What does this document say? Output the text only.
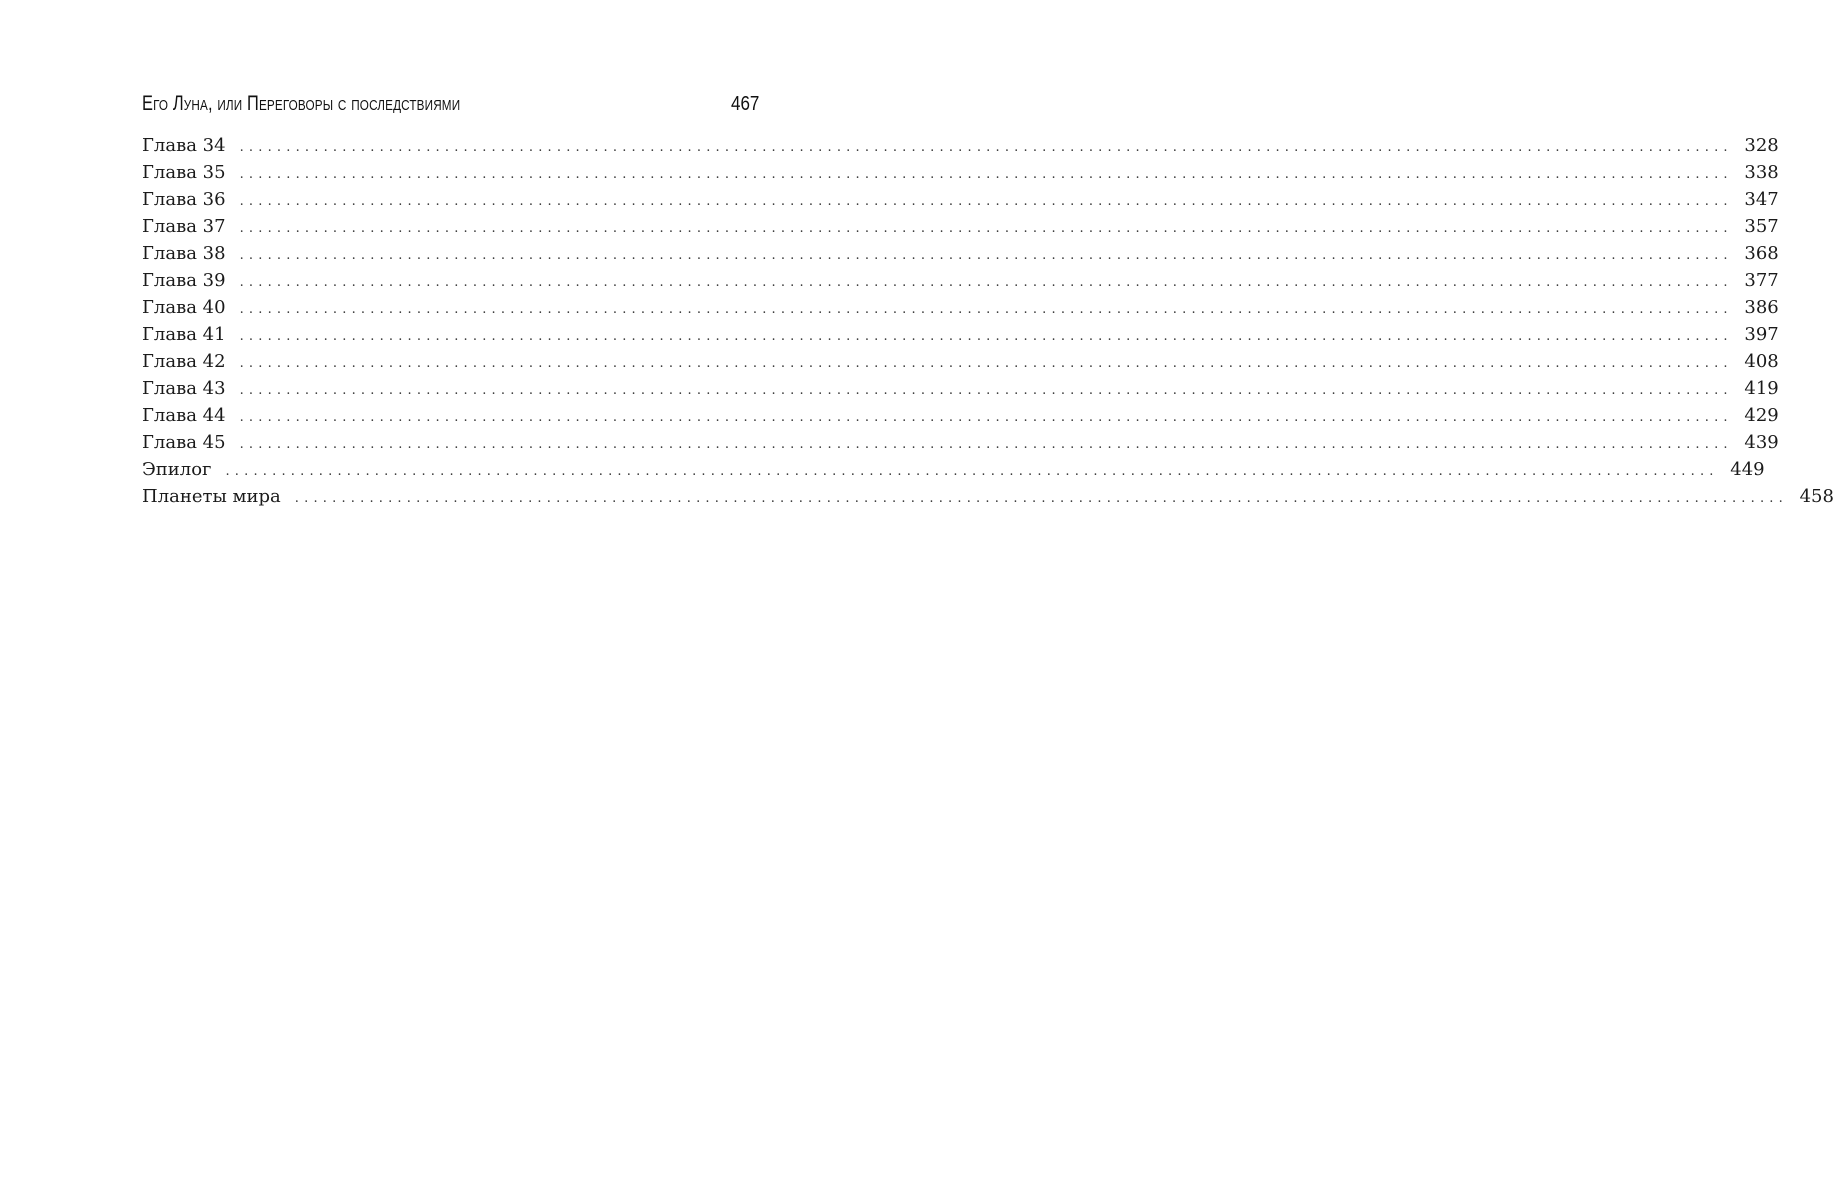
Его Луна, или Переговоры с последствиями	467
Глава 34 ................................................................................................................................................................ 328
Глава 35 ................................................................................................................................................................ 338
Глава 36 ................................................................................................................................................................ 347
Глава 37 ................................................................................................................................................................ 357
Глава 38 ................................................................................................................................................................ 368
Глава 39 ................................................................................................................................................................ 377
Глава 40 ................................................................................................................................................................ 386
Глава 41 ................................................................................................................................................................ 397
Глава 42 ................................................................................................................................................................ 408
Глава 43 ................................................................................................................................................................ 419
Глава 44 ................................................................................................................................................................ 429
Глава 45 ................................................................................................................................................................ 439
Эпилог ................................................................................................................................................................ 449
Планеты мира ................................................................................................................................................................ 458
